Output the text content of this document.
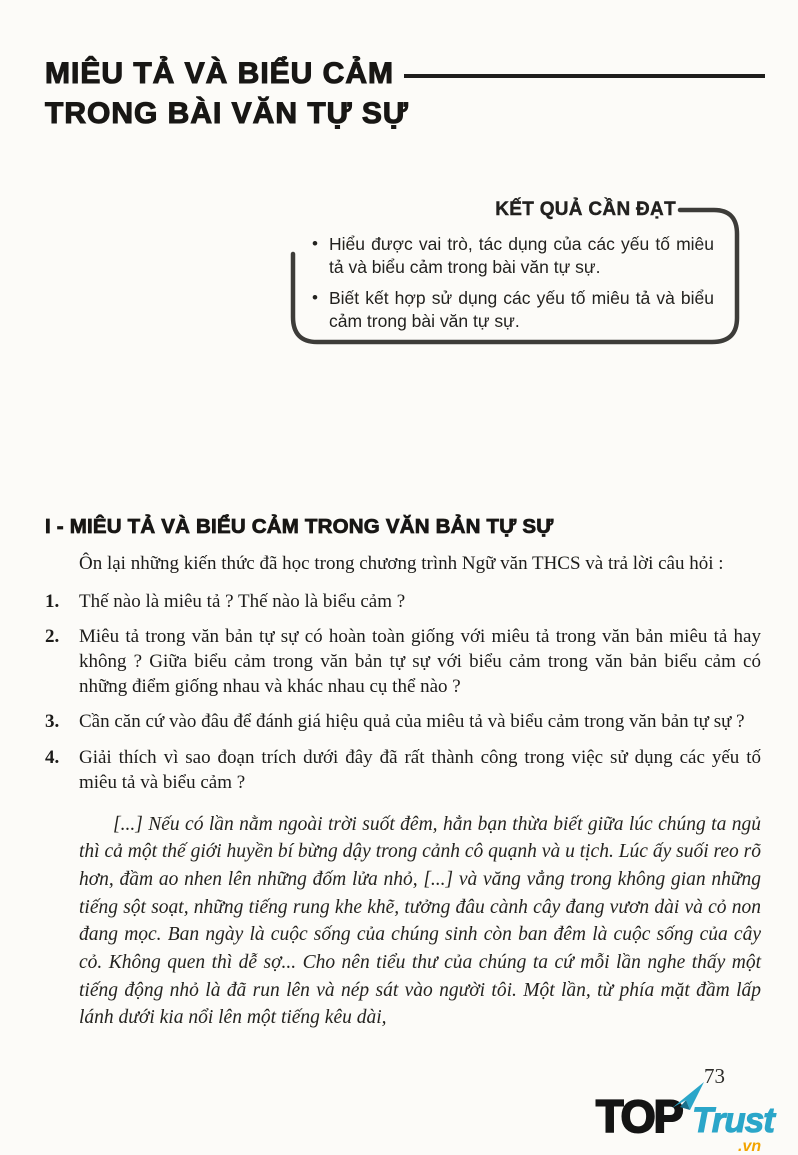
MIÊU TẢ VÀ BIỂU CẢM
TRONG BÀI VĂN TỰ SỰ
KẾT QUẢ CẦN ĐẠT
• Hiểu được vai trò, tác dụng của các yếu tố miêu tả và biểu cảm trong bài văn tự sự.
• Biết kết hợp sử dụng các yếu tố miêu tả và biểu cảm trong bài văn tự sự.
I - MIÊU TẢ VÀ BIỂU CẢM TRONG VĂN BẢN TỰ SỰ

Ôn lại những kiến thức đã học trong chương trình Ngữ văn THCS và trả lời câu hỏi :

1.	Thế nào là miêu tả ? Thế nào là biểu cảm ?
2.	Miêu tả trong văn bản tự sự có hoàn toàn giống với miêu tả trong văn bản miêu tả hay không ? Giữa biểu cảm trong văn bản tự sự với biểu cảm trong văn bản biểu cảm có những điểm giống nhau và khác nhau cụ thể nào ?
3.	Cần căn cứ vào đâu để đánh giá hiệu quả của miêu tả và biểu cảm trong văn bản tự sự ?
4.	Giải thích vì sao đoạn trích dưới đây đã rất thành công trong việc sử dụng các yếu tố miêu tả và biểu cảm ?
[...] Nếu có lần nằm ngoài trời suốt đêm, hẳn bạn thừa biết giữa lúc chúng ta ngủ thì cả một thế giới huyền bí bừng dậy trong cảnh cô quạnh và u tịch. Lúc ấy suối reo rõ hơn, đầm ao nhen lên những đốm lửa nhỏ, [...] và văng vẳng trong không gian những tiếng sột soạt, những tiếng rung khe khẽ, tưởng đâu cành cây đang vươn dài và cỏ non đang mọc. Ban ngày là cuộc sống của chúng sinh còn ban đêm là cuộc sống của cây cỏ. Không quen thì dễ sợ... Cho nên tiểu thư của chúng ta cứ mỗi lần nghe thấy một tiếng động nhỏ là đã run lên và nép sát vào người tôi. Một lần, từ phía mặt đầm lấp lánh dưới kia nổi lên một tiếng kêu dài,
73
TOP Trust
.vn
